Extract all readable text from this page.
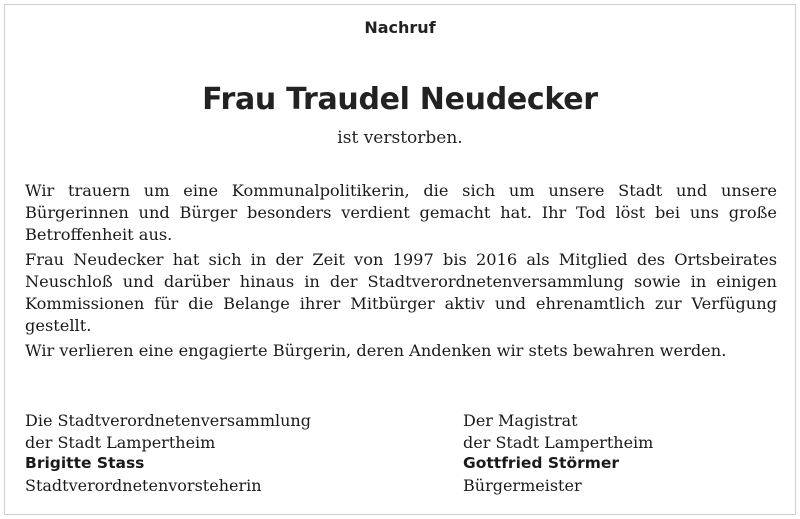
Nachruf
Frau Traudel Neudecker
ist verstorben.

Wir trauern um eine Kommunalpolitikerin, die sich um unsere Stadt und unsere Bürgerinnen und Bürger besonders verdient gemacht hat. Ihr Tod löst bei uns große Betroffenheit aus.

Frau Neudecker hat sich in der Zeit von 1997 bis 2016 als Mitglied des Ortsbeirates Neuschloß und darüber hinaus in der Stadtverordnetenversammlung sowie in einigen Kommissionen für die Belange ihrer Mitbürger aktiv und ehrenamtlich zur Verfügung gestellt.

Wir verlieren eine engagierte Bürgerin, deren Andenken wir stets bewahren werden.

Die Stadtverordnetenversammlung
der Stadt Lampertheim
Brigitte Stass
Stadtverordnetenvorsteherin
Der Magistrat
der Stadt Lampertheim
Gottfried Störmer
Bürgermeister
